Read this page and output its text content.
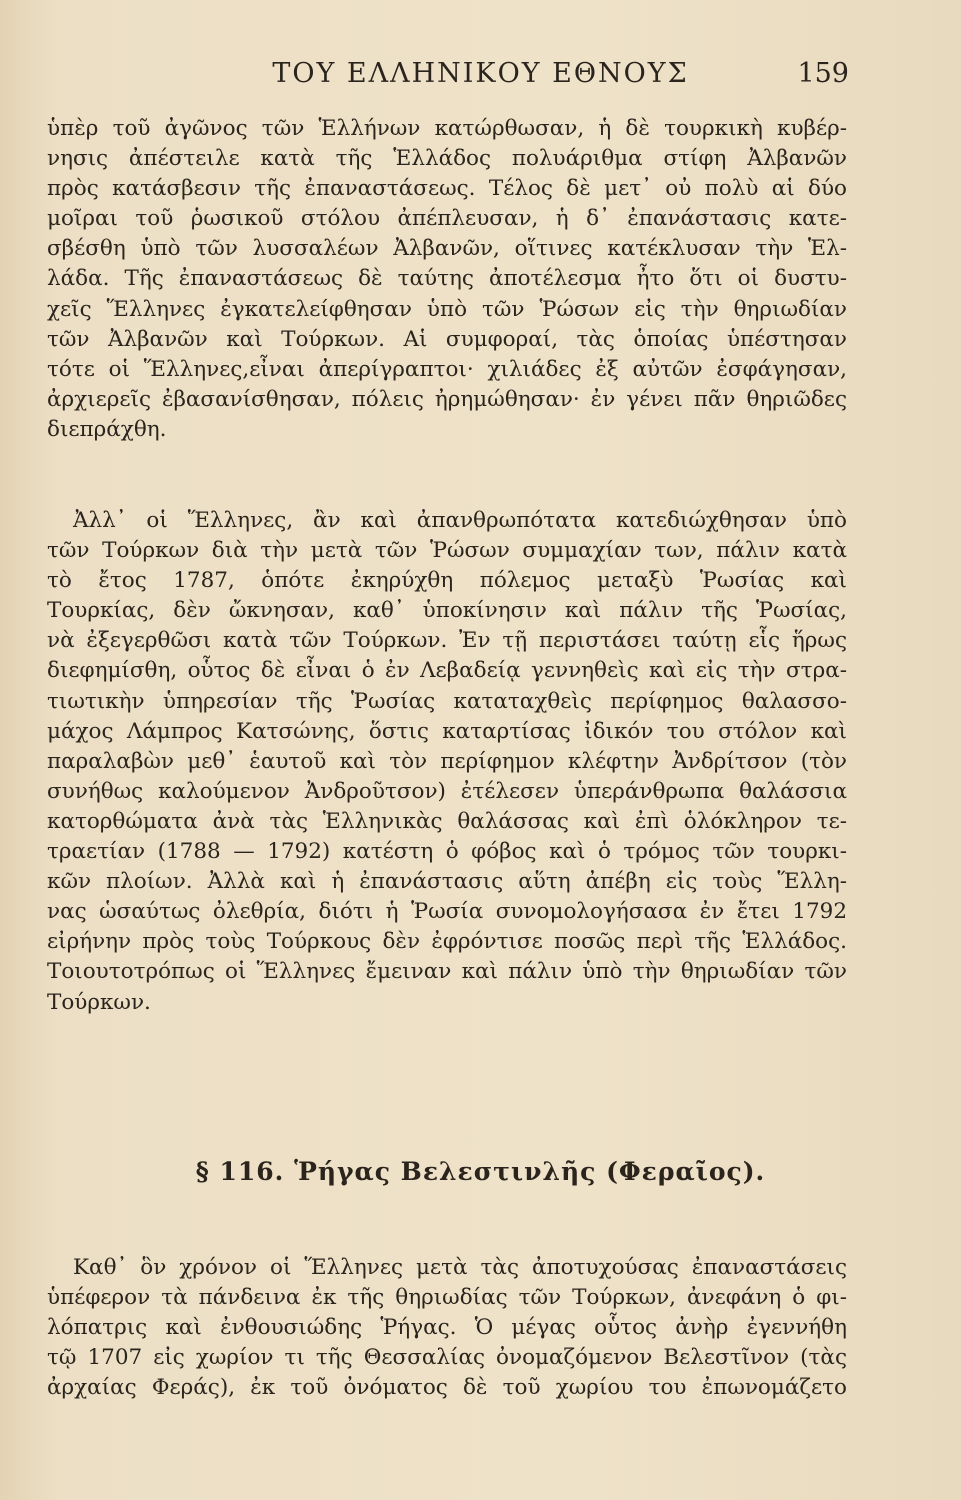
ΤΟΥ ΕΛΛΗΝΙΚΟΥ ΕΘΝΟΥΣ	159
ὑπὲρ τοῦ ἀγῶνος τῶν Ἑλλήνων κατώρθωσαν, ἡ δὲ τουρκικὴ κυβέρ-
νησις ἀπέστειλε κατὰ τῆς Ἑλλάδος πολυάριθμα στίφη Ἀλβανῶν
πρὸς κατάσβεσιν τῆς ἐπαναστάσεως. Τέλος δὲ μετ᾽ οὐ πολὺ αἱ δύο
μοῖραι τοῦ ῥωσικοῦ στόλου ἀπέπλευσαν, ἡ δ᾽ ἐπανάστασις κατε-
σβέσθη ὑπὸ τῶν λυσσαλέων Ἀλβανῶν, οἵτινες κατέκλυσαν τὴν Ἑλ-
λάδα. Τῆς ἐπαναστάσεως δὲ ταύτης ἀποτέλεσμα ἦτο ὅτι οἱ δυστυ-
χεῖς Ἕλληνες ἐγκατελείφθησαν ὑπὸ τῶν Ῥώσων εἰς τὴν θηριωδίαν
τῶν Ἀλβανῶν καὶ Τούρκων. Αἱ συμφοραί, τὰς ὁποίας ὑπέστησαν
τότε οἱ Ἕλληνες,εἶναι ἀπερίγραπτοι· χιλιάδες ἐξ αὐτῶν ἐσφάγησαν,
ἀρχιερεῖς ἐβασανίσθησαν, πόλεις ἠρημώθησαν· ἐν γένει πᾶν θηριῶδες
διεπράχθη.
Ἀλλ᾽ οἱ Ἕλληνες, ἂν καὶ ἀπανθρωπότατα κατεδιώχθησαν ὑπὸ
τῶν Τούρκων διὰ τὴν μετὰ τῶν Ῥώσων συμμαχίαν των, πάλιν κατὰ
τὸ ἔτος 1787, ὁπότε ἐκηρύχθη πόλεμος μεταξὺ Ῥωσίας καὶ
Τουρκίας, δὲν ὤκνησαν, καθ᾽ ὑποκίνησιν καὶ πάλιν τῆς Ῥωσίας,
νὰ ἐξεγερθῶσι κατὰ τῶν Τούρκων. Ἐν τῇ περιστάσει ταύτῃ εἷς ἥρως
διεφημίσθη, οὗτος δὲ εἶναι ὁ ἐν Λεβαδείᾳ γεννηθεὶς καὶ εἰς τὴν στρα-
τιωτικὴν ὑπηρεσίαν τῆς Ῥωσίας καταταχθεὶς περίφημος θαλασσο-
μάχος Λάμπρος Κατσώνης, ὅστις καταρτίσας ἰδικόν του στόλον καὶ
παραλαβὼν μεθ᾽ ἑαυτοῦ καὶ τὸν περίφημον κλέφτην Ἀνδρίτσον (τὸν
συνήθως καλούμενον Ἀνδροῦτσον) ἐτέλεσεν ὑπεράνθρωπα θαλάσσια
κατορθώματα ἀνὰ τὰς Ἑλληνικὰς θαλάσσας καὶ ἐπὶ ὁλόκληρον τε-
τραετίαν (1788 — 1792) κατέστη ὁ φόβος καὶ ὁ τρόμος τῶν τουρκι-
κῶν πλοίων. Ἀλλὰ καὶ ἡ ἐπανάστασις αὕτη ἀπέβη εἰς τοὺς Ἕλλη-
νας ὡσαύτως ὀλεθρία, διότι ἡ Ῥωσία συνομολογήσασα ἐν ἔτει 1792
εἰρήνην πρὸς τοὺς Τούρκους δὲν ἐφρόντισε ποσῶς περὶ τῆς Ἑλλάδος.
Τοιουτοτρόπως οἱ Ἕλληνες ἔμειναν καὶ πάλιν ὑπὸ τὴν θηριωδίαν τῶν
Τούρκων.
§ 116. Ῥήγας Βελεστινλῆς (Φεραῖος).
Καθ᾽ ὃν χρόνον οἱ Ἕλληνες μετὰ τὰς ἀποτυχούσας ἐπαναστάσεις
ὑπέφερον τὰ πάνδεινα ἐκ τῆς θηριωδίας τῶν Τούρκων, ἀνεφάνη ὁ φι-
λόπατρις καὶ ἐνθουσιώδης Ῥήγας. Ὁ μέγας οὗτος ἀνὴρ ἐγεννήθη
τῷ 1707 εἰς χωρίον τι τῆς Θεσσαλίας ὀνομαζόμενον Βελεστῖνον (τὰς
ἀρχαίας Φεράς), ἐκ τοῦ ὀνόματος δὲ τοῦ χωρίου του ἐπωνομάζετο
